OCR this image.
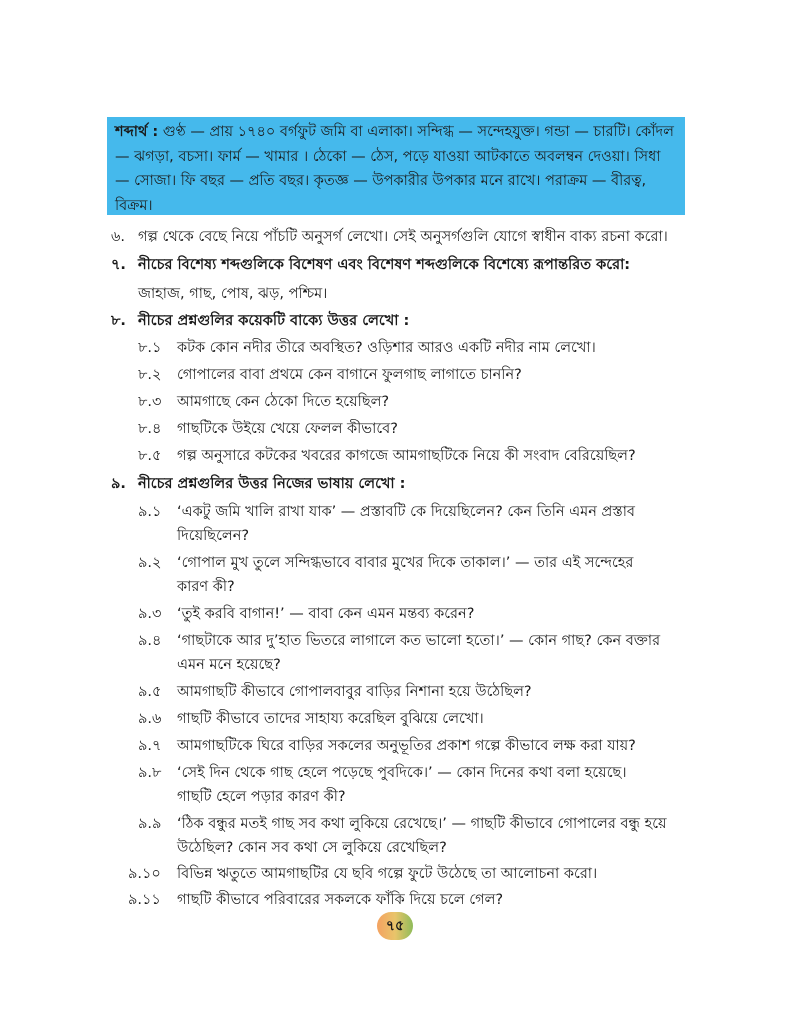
শব্দার্থ : গুণ্ঠ — প্রায় ১৭৪০ বর্গফুট জমি বা এলাকা। সন্দিগ্ধ — সন্দেহযুক্ত। গন্ডা — চারটি। কোঁদল — ঝগড়া, বচসা। ফার্ম — খামার । ঠেকো — ঠেস, পড়ে যাওয়া আটকাতে অবলম্বন দেওয়া। সিধা — সোজা। ফি বছর — প্রতি বছর। কৃতজ্ঞ — উপকারীর উপকার মনে রাখে। পরাক্রম — বীরত্ব, বিক্রম।
৬. গল্প থেকে বেছে নিয়ে পাঁচটি অনুসর্গ লেখো। সেই অনুসর্গগুলি যোগে স্বাধীন বাক্য রচনা করো।
৭. নীচের বিশেষ্য শব্দগুলিকে বিশেষণ এবং বিশেষণ শব্দগুলিকে বিশেষ্যে রূপান্তরিত করো:
জাহাজ, গাছ, পোষ, ঝড়, পশ্চিম।
৮. নীচের প্রশ্নগুলির কয়েকটি বাক্যে উত্তর লেখো :
৮.১ কটক কোন নদীর তীরে অবস্থিত? ওড়িশার আরও একটি নদীর নাম লেখো।
৮.২ গোপালের বাবা প্রথমে কেন বাগানে ফুলগাছ লাগাতে চাননি?
৮.৩ আমগাছে কেন ঠেকো দিতে হয়েছিল?
৮.৪ গাছটিকে উইয়ে খেয়ে ফেলল কীভাবে?
৮.৫ গল্প অনুসারে কটকের খবরের কাগজে আমগাছটিকে নিয়ে কী সংবাদ বেরিয়েছিল?
৯. নীচের প্রশ্নগুলির উত্তর নিজের ভাষায় লেখো :
৯.১ ‘একটু জমি খালি রাখা যাক’ — প্রস্তাবটি কে দিয়েছিলেন? কেন তিনি এমন প্রস্তাব
দিয়েছিলেন?
৯.২ ‘গোপাল মুখ তুলে সন্দিগ্ধভাবে বাবার মুখের দিকে তাকাল।’ — তার এই সন্দেহের
কারণ কী?
৯.৩ ‘তুই করবি বাগান!’ — বাবা কেন এমন মন্তব্য করেন?
৯.৪ ‘গাছটাকে আর দু’হাত ভিতরে লাগালে কত ভালো হতো।’ — কোন গাছ? কেন বক্তার
এমন মনে হয়েছে?
৯.৫ আমগাছটি কীভাবে গোপালবাবুর বাড়ির নিশানা হয়ে উঠেছিল?
৯.৬ গাছটি কীভাবে তাদের সাহায্য করেছিল বুঝিয়ে লেখো।
৯.৭ আমগাছটিকে ঘিরে বাড়ির সকলের অনুভূতির প্রকাশ গল্পে কীভাবে লক্ষ করা যায়?
৯.৮ ‘সেই দিন থেকে গাছ হেলে পড়েছে পুবদিকে।’ — কোন দিনের কথা বলা হয়েছে।
গাছটি হেলে পড়ার কারণ কী?
৯.৯ ‘ঠিক বন্ধুর মতই গাছ সব কথা লুকিয়ে রেখেছে।’ — গাছটি কীভাবে গোপালের বন্ধু হয়ে
উঠেছিল? কোন সব কথা সে লুকিয়ে রেখেছিল?
৯.১০ বিভিন্ন ঋতুতে আমগাছটির যে ছবি গল্পে ফুটে উঠেছে তা আলোচনা করো।
৯.১১ গাছটি কীভাবে পরিবারের সকলকে ফাঁকি দিয়ে চলে গেল?
৭৫
